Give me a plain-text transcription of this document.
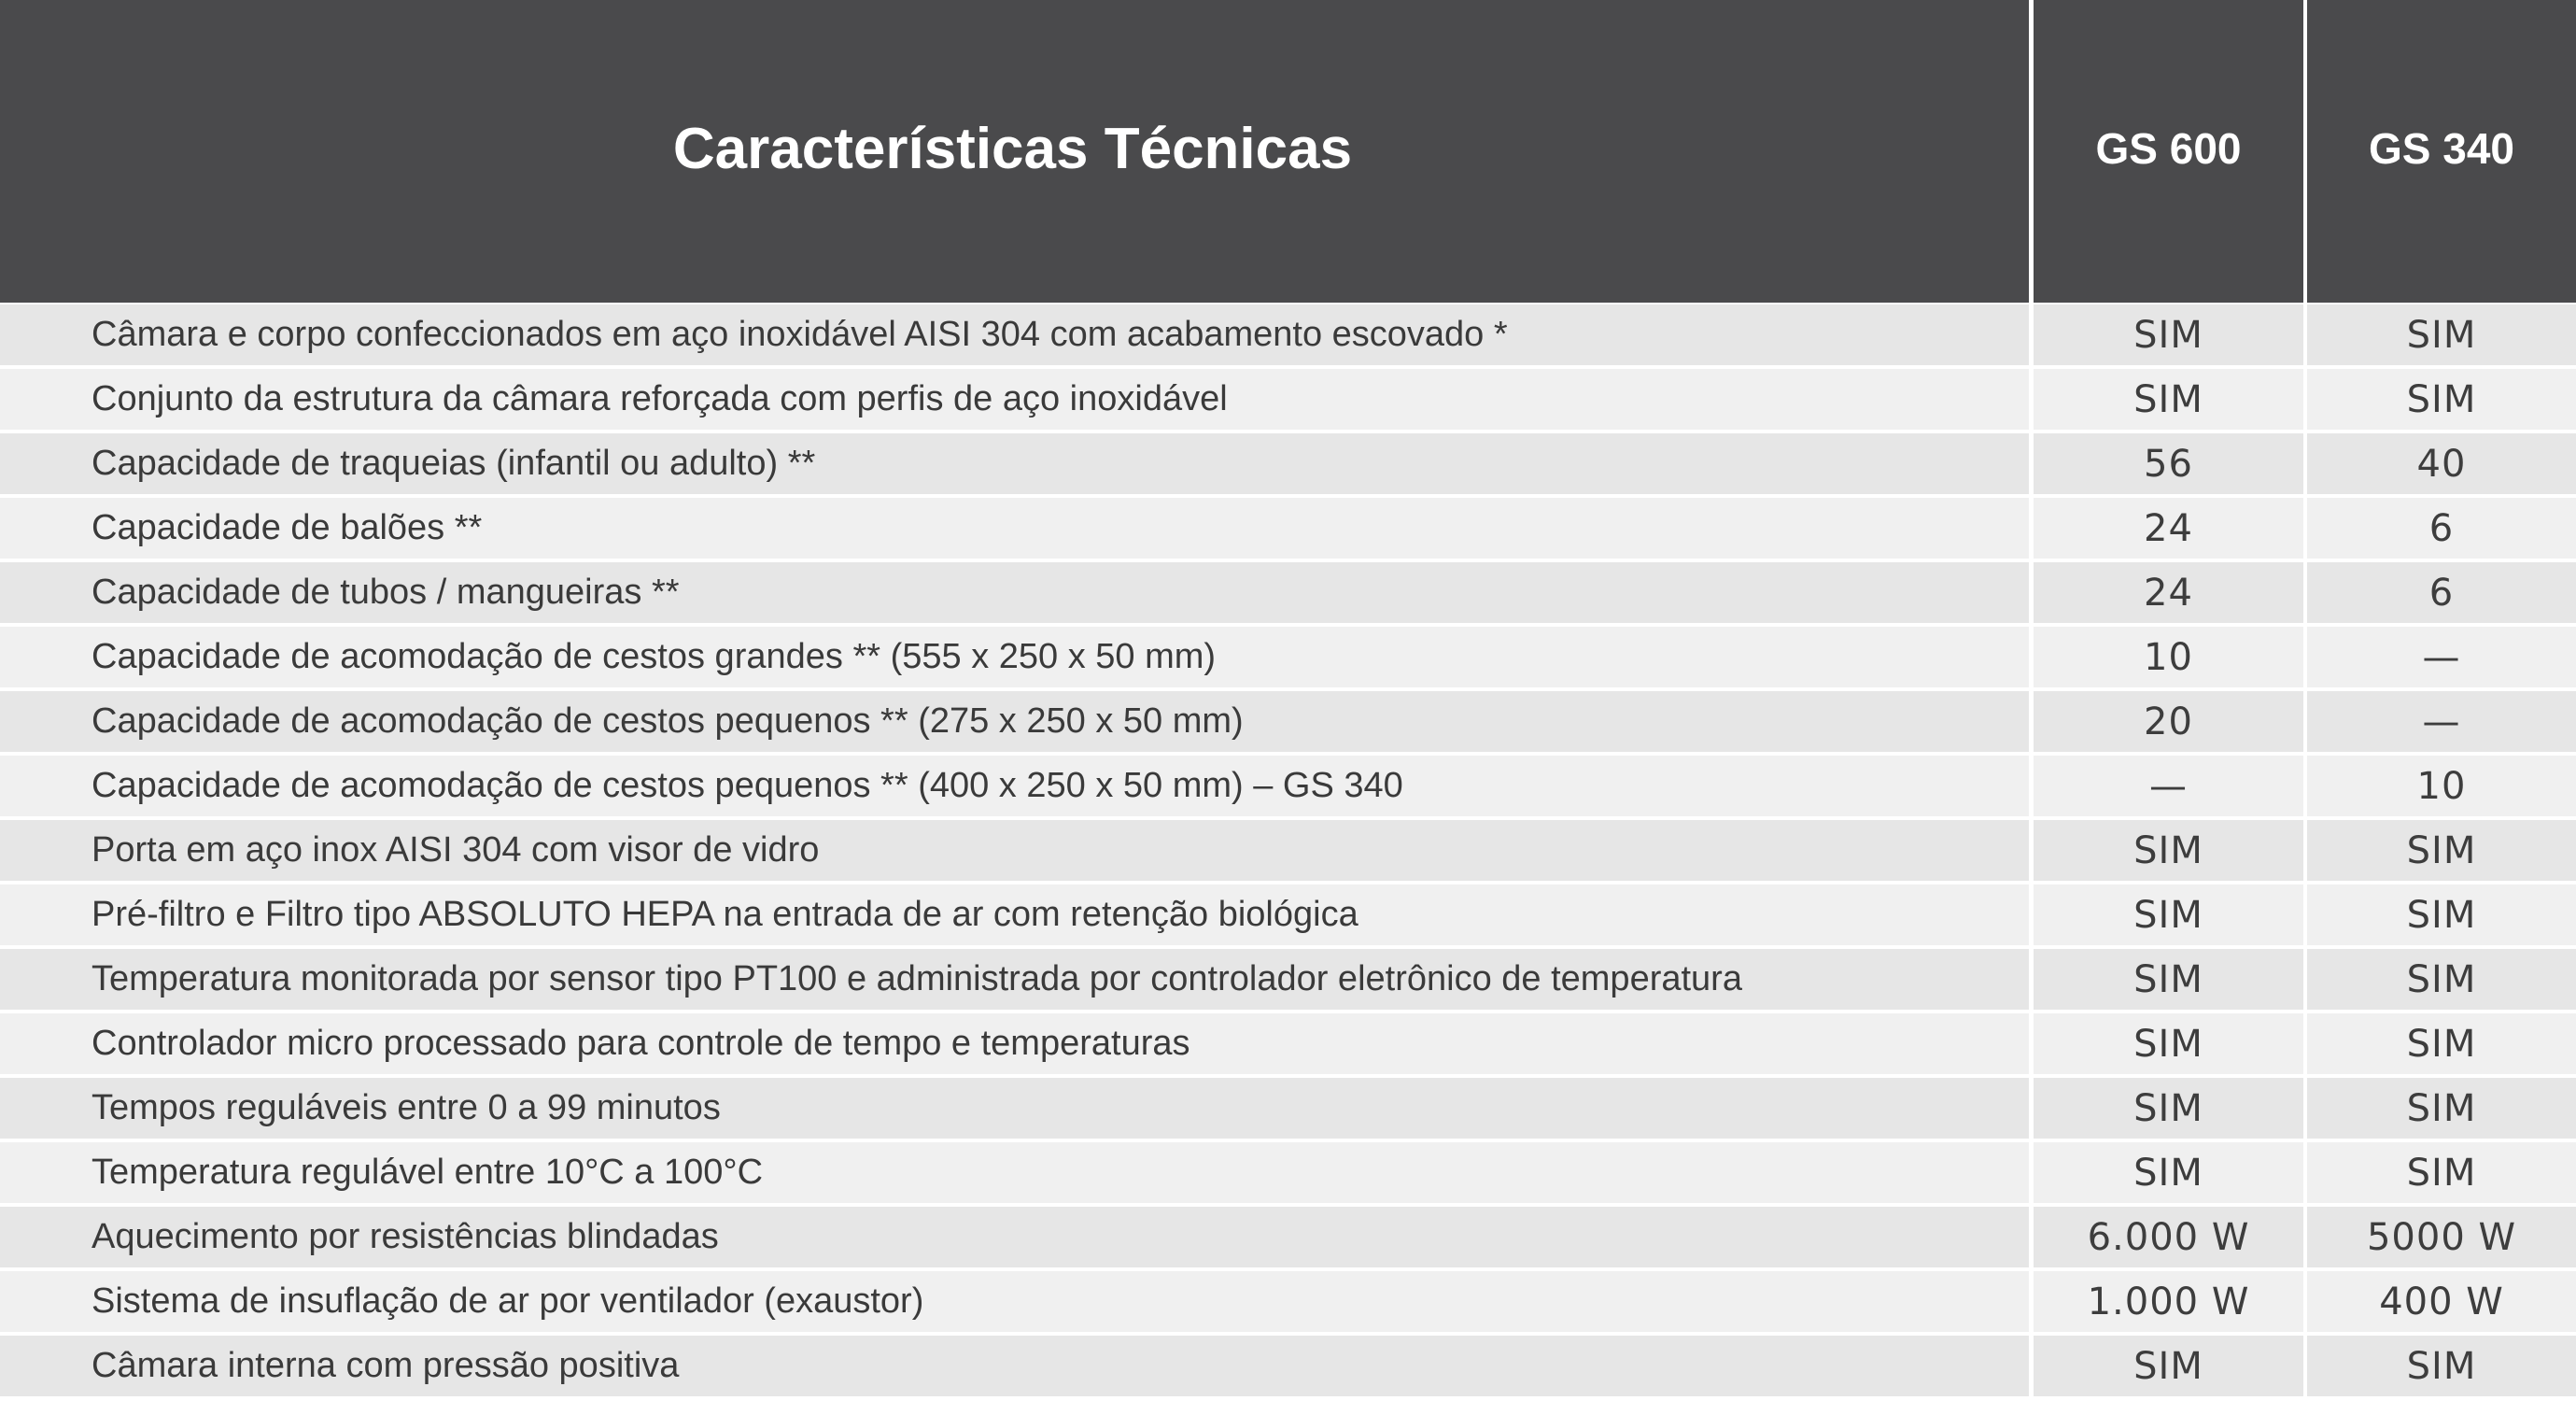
Características Técnicas	GS 600	GS 340
Câmara e corpo confeccionados em aço inoxidável AISI 304 com acabamento escovado *	SIM	SIM
Conjunto da estrutura da câmara reforçada com perfis de aço inoxidável	SIM	SIM
Capacidade de traqueias (infantil ou adulto) **	56	40
Capacidade de balões **	24	6
Capacidade de tubos / mangueiras **	24	6
Capacidade de acomodação de cestos grandes ** (555 x 250 x 50 mm)	10	—
Capacidade de acomodação de cestos pequenos ** (275 x 250 x 50 mm)	20	—
Capacidade de acomodação de cestos pequenos ** (400 x 250 x 50 mm) – GS 340	—	10
Porta em aço inox AISI 304 com visor de vidro	SIM	SIM
Pré-filtro e Filtro tipo ABSOLUTO HEPA na entrada de ar com retenção biológica	SIM	SIM
Temperatura monitorada por sensor tipo PT100 e administrada por controlador eletrônico de temperatura	SIM	SIM
Controlador micro processado para controle de tempo e temperaturas	SIM	SIM
Tempos reguláveis entre 0 a 99 minutos	SIM	SIM
Temperatura regulável entre 10°C a 100°C	SIM	SIM
Aquecimento por resistências blindadas	6.000 W	5000 W
Sistema de insuflação de ar por ventilador (exaustor)	1.000 W	400 W
Câmara interna com pressão positiva	SIM	SIM
